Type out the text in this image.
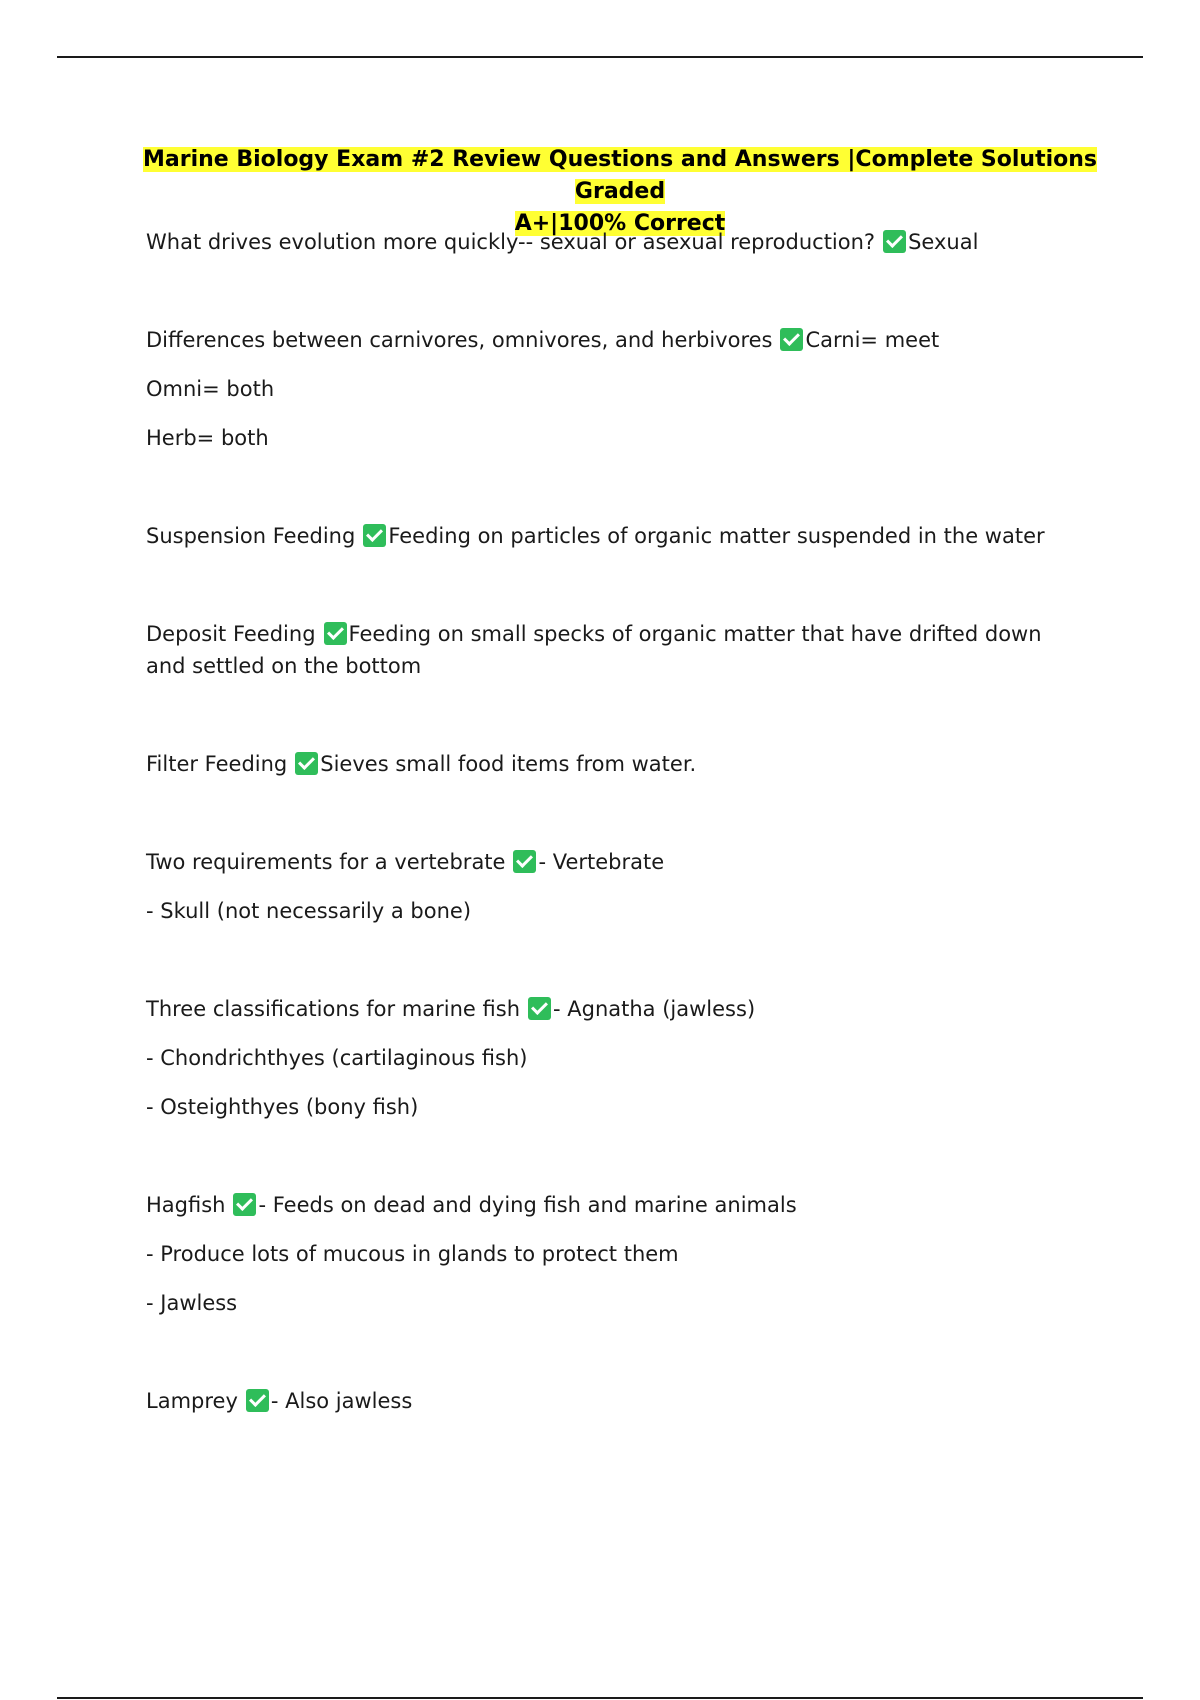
Marine Biology Exam #2 Review Questions and Answers |Complete Solutions Graded
A+|100% Correct

What drives evolution more quickly-- sexual or asexual reproduction? Sexual

Differences between carnivores, omnivores, and herbivores Carni= meet

Omni= both

Herb= both

Suspension Feeding Feeding on particles of organic matter suspended in the water

Deposit Feeding Feeding on small specks of organic matter that have drifted down and settled on the bottom

Filter Feeding Sieves small food items from water.

Two requirements for a vertebrate - Vertebrate

- Skull (not necessarily a bone)

Three classifications for marine fish - Agnatha (jawless)

- Chondrichthyes (cartilaginous fish)

- Osteighthyes (bony fish)

Hagfish - Feeds on dead and dying fish and marine animals

- Produce lots of mucous in glands to protect them

- Jawless

Lamprey - Also jawless
